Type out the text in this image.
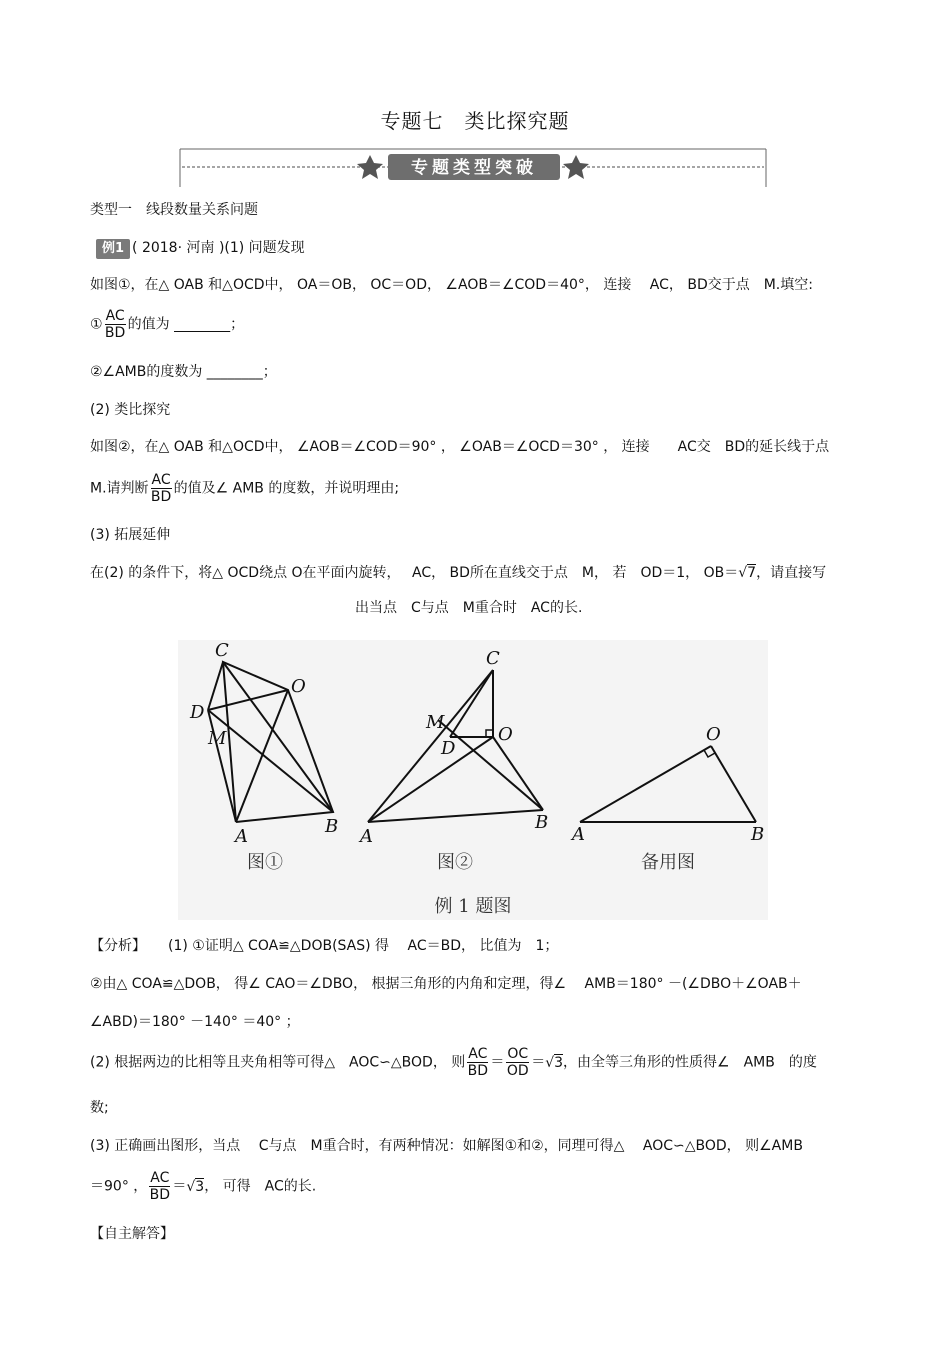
专题七　类比探究题
专题类型突破
类型一　线段数量关系问题
例1 ( 2018· 河南 )(1) 问题发现
如图①，在△ OAB 和△OCD中， OA＝OB， OC＝OD， ∠AOB＝∠COD＝40°， 连接　 AC， BD交于点　M.填空:
① $\frac{AC}{BD}$ 的值为 ________；
②∠AMB的度数为 ________；
(2) 类比探究
如图②，在△ OAB 和△OCD中， ∠AOB＝∠COD＝90° ， ∠OAB＝∠OCD＝30° ， 连接　　AC交　BD的延长线于点
M.请判断 $\frac{AC}{BD}$ 的值及∠ AMB 的度数，并说明理由;
(3) 拓展延伸
在(2) 的条件下，将△ OCD绕点 O在平面内旋转，　 AC， BD所在直线交于点　M， 若　OD＝1， OB＝√7，请直接写
出当点　C与点　M重合时　AC的长.
C
O
D
M
A	B
C
M
D
O
A
B
O
A	B
图①	图②	备用图
例 1 题图
【分析】 (1) ①证明△ COA≌△DOB(SAS) 得　 AC＝BD， 比值为　1；
②由△ COA≌△DOB， 得∠ CAO＝∠DBO， 根据三角形的内角和定理，得∠　 AMB＝180° －(∠DBO＋∠OAB＋
∠ABD)＝180° －140° ＝40° ；
(2) 根据两边的比相等且夹角相等可得△　AOC∽△BOD， 则 $\frac{AC}{BD} = \frac{OC}{OD} =√3$，由全等三角形的性质得∠　AMB　的度
数;
(3) 正确画出图形，当点　 C与点　M重合时，有两种情况：如解图①和②，同理可得△　 AOC∽△BOD， 则∠AMB
＝90° ， $\frac{AC}{BD} =√3$， 可得　AC的长.
【自主解答】
